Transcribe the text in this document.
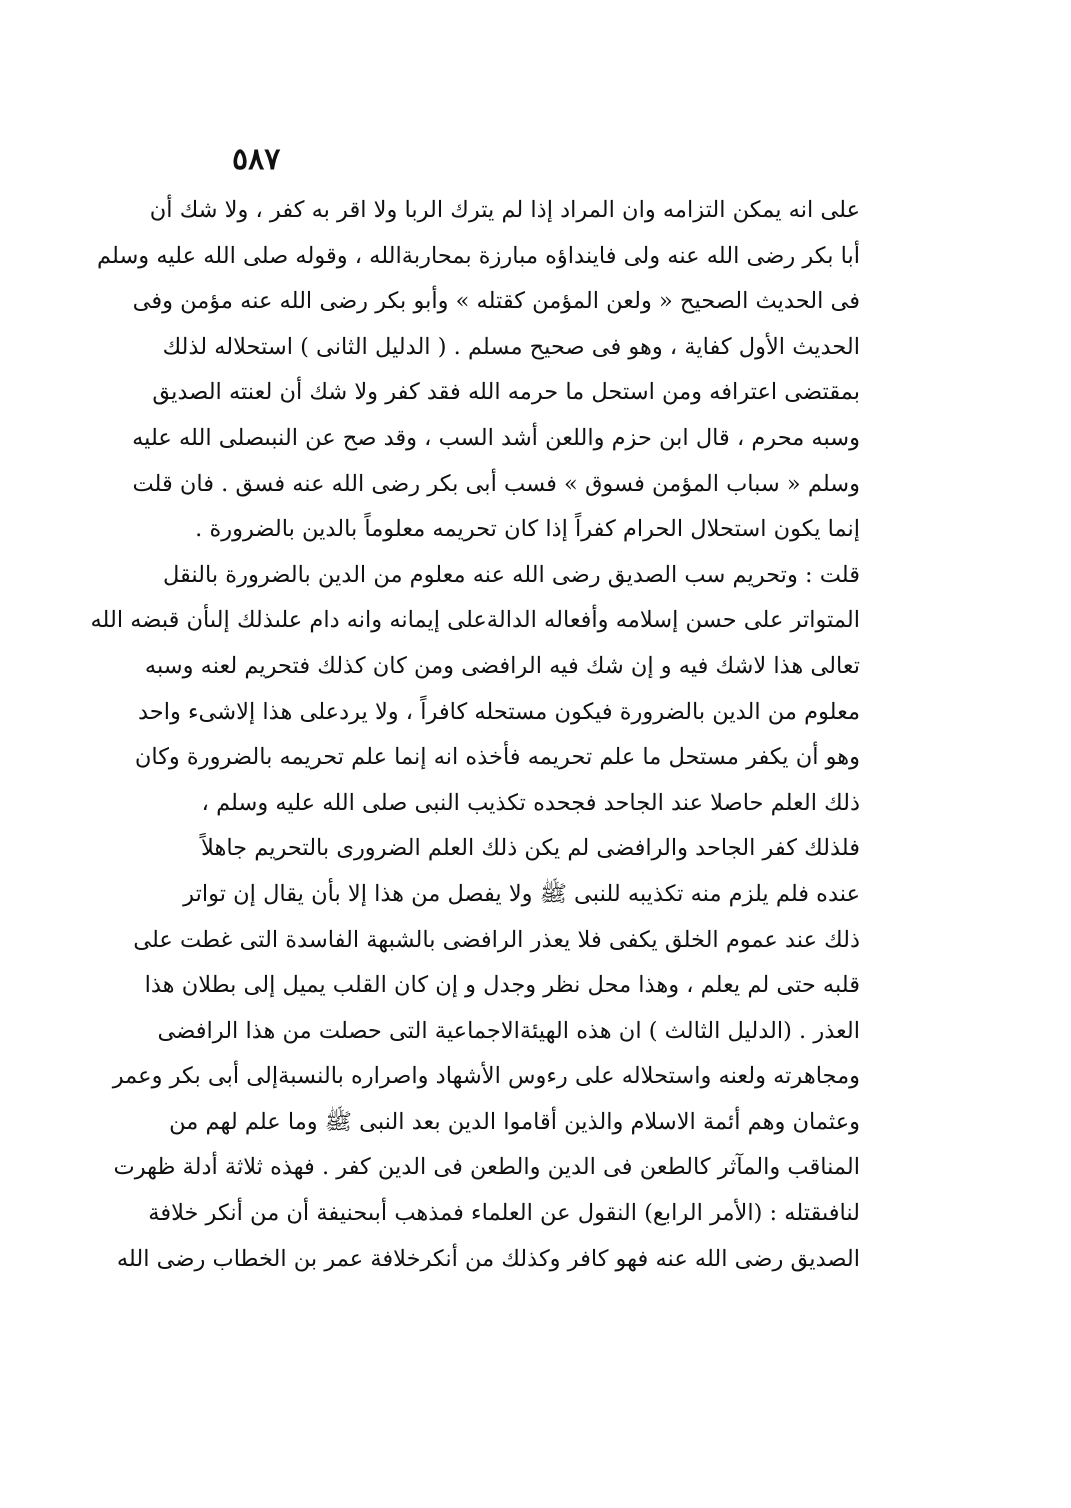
٥٨٧
على انه يمكن التزامه وان المراد إذا لم يترك الربا ولا اقر به كفر ، ولا شك أن
أبا بكر رضى الله عنه ولى فاينداؤه مبارزة بمحاربةالله ، وقوله صلى الله عليه وسلم
فى الحديث الصحيح « ولعن المؤمن كقتله » وأبو بكر رضى الله عنه مؤمن وفى
الحديث الأول كفاية ، وهو فى صحيح مسلم . ( الدليل الثانى ) استحلاله لذلك
بمقتضى اعترافه ومن استحل ما حرمه الله فقد كفر ولا شك أن لعنته الصديق
وسبه محرم ، قال ابن حزم واللعن أشد السب ، وقد صح عن النبىصلى الله عليه
وسلم « سباب المؤمن فسوق » فسب أبى بكر رضى الله عنه فسق . فان قلت
إنما يكون استحلال الحرام كفراً إذا كان تحريمه معلوماً بالدين بالضرورة .
قلت : وتحريم سب الصديق رضى الله عنه معلوم من الدين بالضرورة بالنقل
المتواتر على حسن إسلامه وأفعاله الدالةعلى إيمانه وانه دام علىذلك إلىأن قبضه الله
تعالى هذا لاشك فيه و إن شك فيه الرافضى ومن كان كذلك فتحريم لعنه وسبه
معلوم من الدين بالضرورة فيكون مستحله كافراً ، ولا يردعلى هذا إلاشىء واحد
وهو أن يكفر مستحل ما علم تحريمه فأخذه انه إنما علم تحريمه بالضرورة وكان
ذلك العلم حاصلا عند الجاحد فجحده تكذيب النبى صلى الله عليه وسلم ،
فلذلك كفر الجاحد والرافضى لم يكن ذلك العلم الضرورى بالتحريم جاهلاً
عنده فلم يلزم منه تكذيبه للنبى ﷺ ولا يفصل من هذا إلا بأن يقال إن تواتر
ذلك عند عموم الخلق يكفى فلا يعذر الرافضى بالشبهة الفاسدة التى غطت على
قلبه حتى لم يعلم ، وهذا محل نظر وجدل و إن كان القلب يميل إلى بطلان هذا
العذر . (الدليل الثالث ) ان هذه الهيئةالاجماعية التى حصلت من هذا الرافضى
ومجاهرته ولعنه واستحلاله على رءوس الأشهاد واصراره بالنسبةإلى أبى بكر وعمر
وعثمان وهم أئمة الاسلام والذين أقاموا الدين بعد النبى ﷺ وما علم لهم من
المناقب والمآثر كالطعن فى الدين والطعن فى الدين كفر . فهذه ثلاثة أدلة ظهرت
لنافىقتله : (الأمر الرابع) النقول عن العلماء فمذهب أبىحنيفة أن من أنكر خلافة
الصديق رضى الله عنه فهو كافر وكذلك من أنكرخلافة عمر بن الخطاب رضى الله
